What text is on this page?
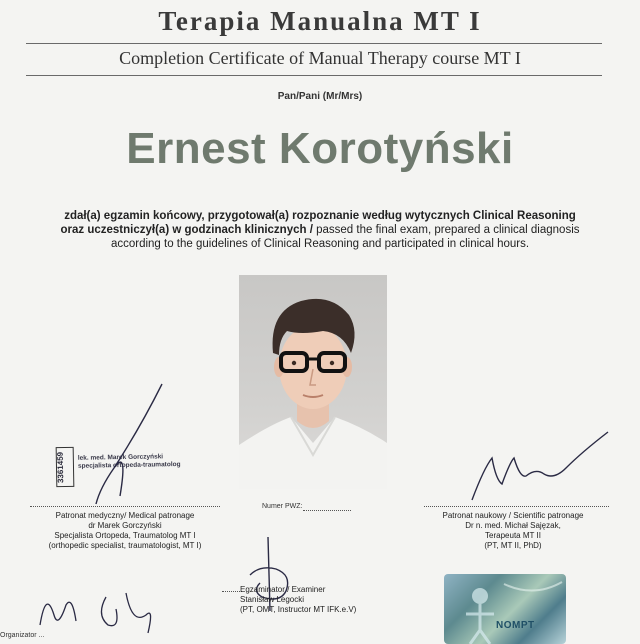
Terapia Manualna MT I
Completion Certificate of Manual Therapy course MT I
Pan/Pani (Mr/Mrs)
Ernest Korotyński
zdał(a) egzamin końcowy, przygotował(a) rozpoznanie według wytycznych Clinical Reasoning
oraz uczestniczył(a) w godzinach klinicznych / passed the final exam, prepared a clinical diagnosis
according to the guidelines of Clinical Reasoning and participated in clinical hours.
Numer PWZ:
3361459	lek. med. Marek Gorczyński
specjalista ortopeda-traumatolog
Patronat medyczny/ Medical patronage
dr Marek Gorczyński
Specjalista Ortopeda, Traumatolog MT I
(orthopedic specialist, traumatologist, MT I)
Patronat naukowy / Scientific patronage
Dr n. med. Michał Sajęzak,
Terapeuta MT II
(PT, MT II, PhD)
Egzaminator / Examiner
Stanisław Legocki
(PT, OMT, Instructor MT IFK.e.V)
Organizator ...
NOMPT
